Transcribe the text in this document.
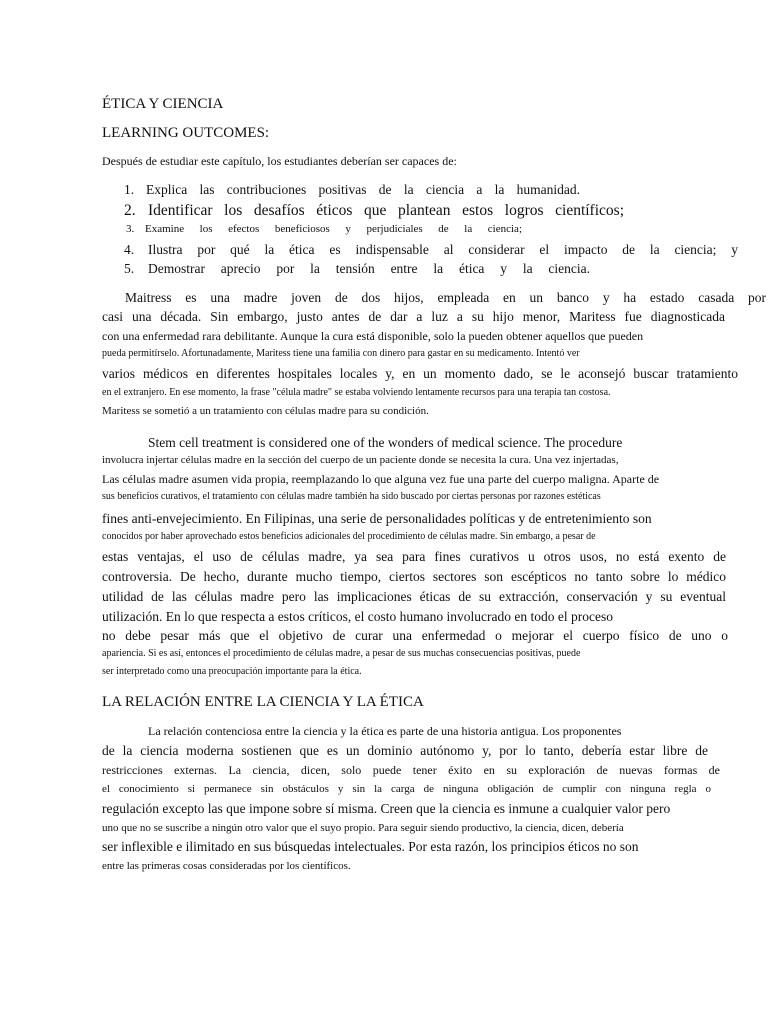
ÉTICA Y CIENCIA
LEARNING OUTCOMES:
Después de estudiar este capítulo, los estudiantes deberían ser capaces de:
1. Explica las contribuciones positivas de la ciencia a la humanidad.
2. Identificar los desafíos éticos que plantean estos logros científicos;
3. Examine los efectos beneficiosos y perjudiciales de la ciencia;
4. Ilustra por qué la ética es indispensable al considerar el impacto de la ciencia; y
5. Demostrar aprecio por la tensión entre la ética y la ciencia.
Maitress es una madre joven de dos hijos, empleada en un banco y ha estado casada por
casi una década. Sin embargo, justo antes de dar a luz a su hijo menor, Maritess fue diagnosticada
con una enfermedad rara debilitante. Aunque la cura está disponible, solo la pueden obtener aquellos que pueden
pueda permitírselo. Afortunadamente, Maritess tiene una familia con dinero para gastar en su medicamento. Intentó ver
varios médicos en diferentes hospitales locales y, en un momento dado, se le aconsejó buscar tratamiento
en el extranjero. En ese momento, la frase "célula madre" se estaba volviendo lentamente recursos para una terapia tan costosa.
Maritess se sometió a un tratamiento con células madre para su condición.
Stem cell treatment is considered one of the wonders of medical science. The procedure
involucra injertar células madre en la sección del cuerpo de un paciente donde se necesita la cura. Una vez injertadas,
Las células madre asumen vida propia, reemplazando lo que alguna vez fue una parte del cuerpo maligna. Aparte de
sus beneficios curativos, el tratamiento con células madre también ha sido buscado por ciertas personas por razones estéticas
fines anti-envejecimiento. En Filipinas, una serie de personalidades políticas y de entretenimiento son
conocidos por haber aprovechado estos beneficios adicionales del procedimiento de células madre. Sin embargo, a pesar de
estas ventajas, el uso de células madre, ya sea para fines curativos u otros usos, no está exento de
controversia. De hecho, durante mucho tiempo, ciertos sectores son escépticos no tanto sobre lo médico
utilidad de las células madre pero las implicaciones éticas de su extracción, conservación y su eventual
utilización. En lo que respecta a estos críticos, el costo humano involucrado en todo el proceso
no debe pesar más que el objetivo de curar una enfermedad o mejorar el cuerpo físico de uno o
apariencia. Si es así, entonces el procedimiento de células madre, a pesar de sus muchas consecuencias positivas, puede
ser interpretado como una preocupación importante para la ética.
LA RELACIÓN ENTRE LA CIENCIA Y LA ÉTICA
La relación contenciosa entre la ciencia y la ética es parte de una historia antigua. Los proponentes
de la ciencia moderna sostienen que es un dominio autónomo y, por lo tanto, debería estar libre de
restricciones externas. La ciencia, dicen, solo puede tener éxito en su exploración de nuevas formas de
el conocimiento si permanece sin obstáculos y sin la carga de ninguna obligación de cumplir con ninguna regla o
regulación excepto las que impone sobre sí misma. Creen que la ciencia es inmune a cualquier valor pero
uno que no se suscribe a ningún otro valor que el suyo propio. Para seguir siendo productivo, la ciencia, dicen, debería
ser inflexible e ilimitado en sus búsquedas intelectuales. Por esta razón, los principios éticos no son
entre las primeras cosas consideradas por los científicos.
